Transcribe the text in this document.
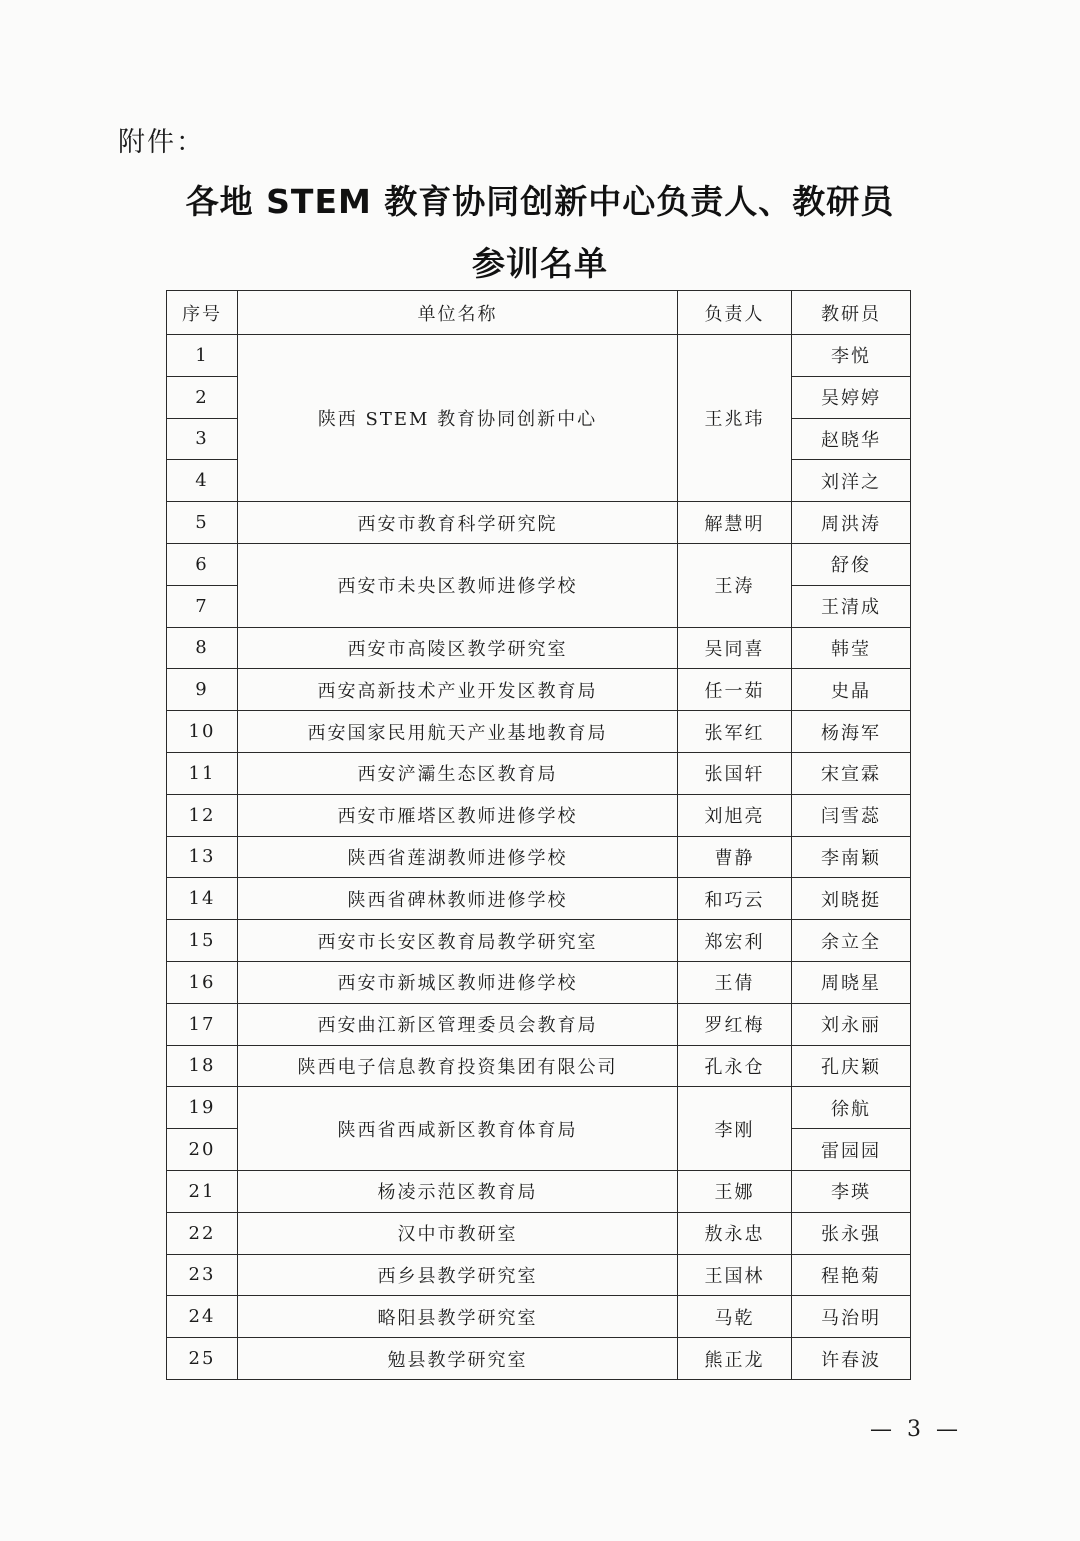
附件：
各地 STEM 教育协同创新中心负责人、教研员
参训名单
序号	单位名称	负责人	教研员
1	陕西 STEM 教育协同创新中心	王兆玮	李悦
2			吴婷婷
3			赵晓华
4			刘洋之
5	西安市教育科学研究院	解慧明	周洪涛
6	西安市未央区教师进修学校	王涛	舒俊
7			王清成
8	西安市高陵区教学研究室	吴同喜	韩莹
9	西安高新技术产业开发区教育局	任一茹	史晶
10	西安国家民用航天产业基地教育局	张军红	杨海军
11	西安浐灞生态区教育局	张国轩	宋宣霖
12	西安市雁塔区教师进修学校	刘旭亮	闫雪蕊
13	陕西省莲湖教师进修学校	曹静	李南颖
14	陕西省碑林教师进修学校	和巧云	刘晓挺
15	西安市长安区教育局教学研究室	郑宏利	余立全
16	西安市新城区教师进修学校	王倩	周晓星
17	西安曲江新区管理委员会教育局	罗红梅	刘永丽
18	陕西电子信息教育投资集团有限公司	孔永仓	孔庆颖
19	陕西省西咸新区教育体育局	李刚	徐航
20			雷园园
21	杨凌示范区教育局	王娜	李瑛
22	汉中市教研室	敖永忠	张永强
23	西乡县教学研究室	王国林	程艳菊
24	略阳县教学研究室	马乾	马治明
25	勉县教学研究室	熊正龙	许春波
— 3 —
